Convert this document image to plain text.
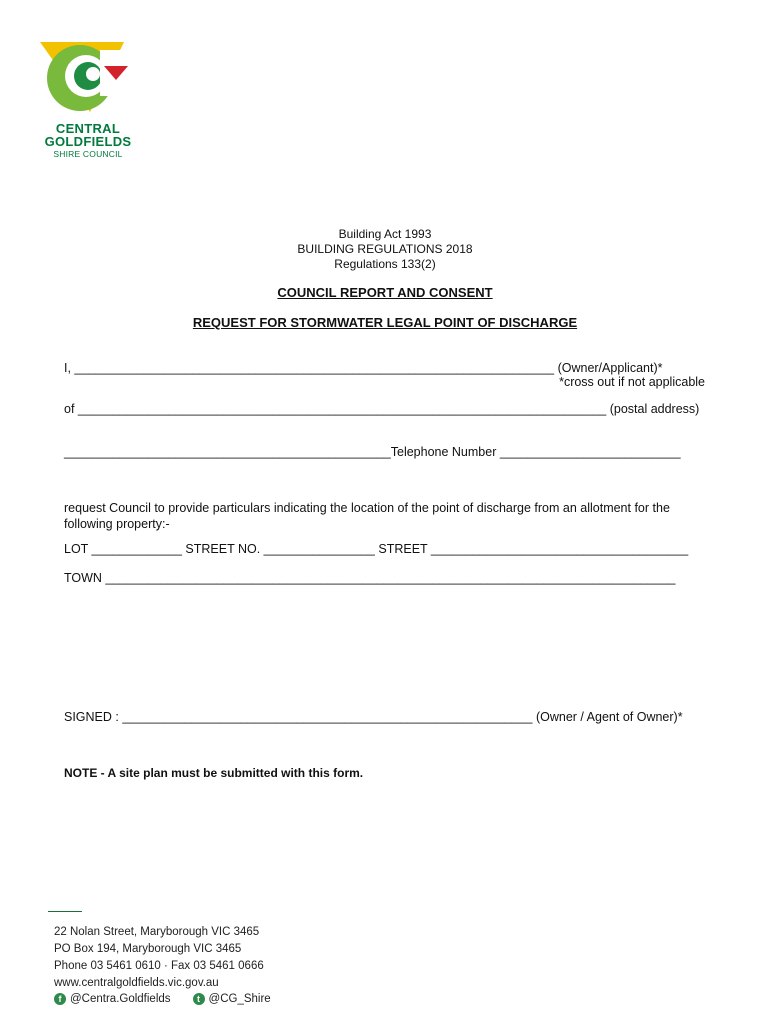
CENTRAL
GOLDFIELDS
SHIRE COUNCIL
Building Act 1993
BUILDING REGULATIONS 2018
Regulations 133(2)
COUNCIL REPORT AND CONSENT
REQUEST FOR STORMWATER LEGAL POINT OF DISCHARGE
I, _____________________________________________________________________ (Owner/Applicant)*
*cross out if not applicable
of ____________________________________________________________________________ (postal address)
_______________________________________________Telephone Number __________________________
request Council to provide particulars indicating the location of the point of discharge from an allotment for the following property:-
LOT _____________ STREET NO. ________________ STREET _____________________________________
TOWN __________________________________________________________________________________
SIGNED : ___________________________________________________________ (Owner / Agent of Owner)*
NOTE - A site plan must be submitted with this form.
22 Nolan Street, Maryborough VIC 3465
PO Box 194, Maryborough VIC 3465
Phone 03 5461 0610 · Fax 03 5461 0666
www.centralgoldfields.vic.gov.au
f @Centra.Goldfields	t @CG_Shire
